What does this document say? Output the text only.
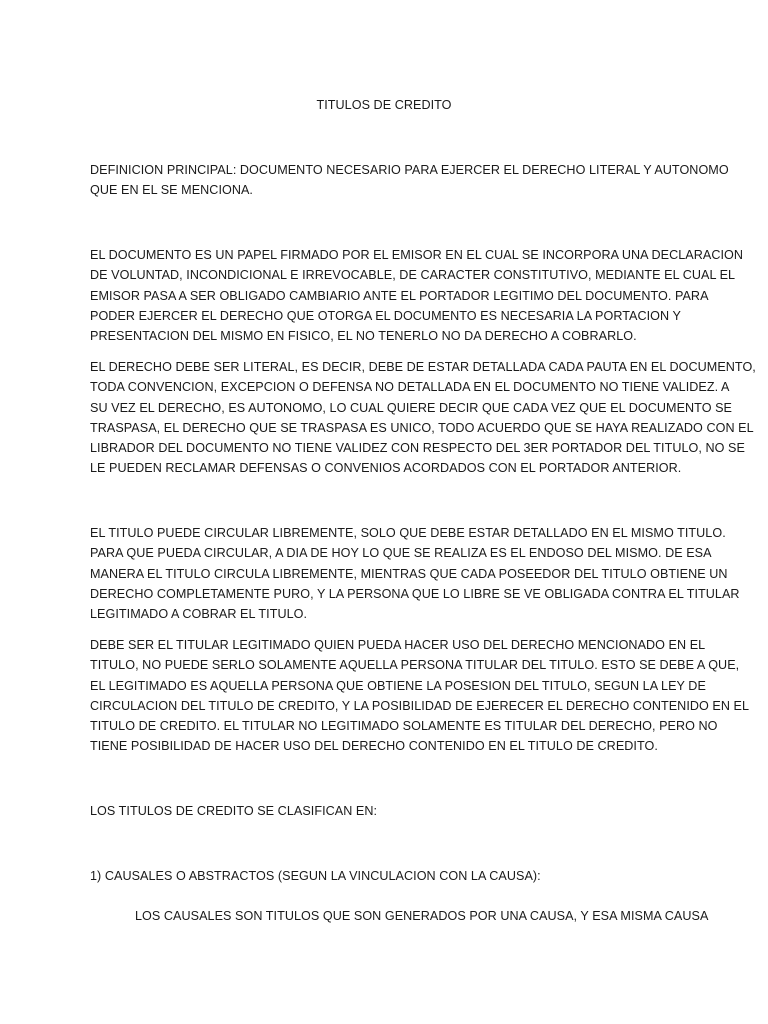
TITULOS DE CREDITO

DEFINICION PRINCIPAL: DOCUMENTO NECESARIO PARA EJERCER EL DERECHO LITERAL Y AUTONOMO

QUE EN EL SE MENCIONA.

EL DOCUMENTO ES UN PAPEL FIRMADO POR EL EMISOR EN EL CUAL SE INCORPORA UNA DECLARACION

DE VOLUNTAD, INCONDICIONAL E IRREVOCABLE, DE CARACTER CONSTITUTIVO, MEDIANTE EL CUAL EL

EMISOR PASA A SER OBLIGADO CAMBIARIO ANTE EL PORTADOR LEGITIMO DEL DOCUMENTO. PARA

PODER EJERCER EL DERECHO QUE OTORGA EL DOCUMENTO ES NECESARIA LA PORTACION Y

PRESENTACION DEL MISMO EN FISICO, EL NO TENERLO NO DA DERECHO A COBRARLO.

EL DERECHO DEBE SER LITERAL, ES DECIR, DEBE DE ESTAR DETALLADA CADA PAUTA EN EL DOCUMENTO,

TODA CONVENCION, EXCEPCION O DEFENSA NO DETALLADA EN EL DOCUMENTO NO TIENE VALIDEZ. A

SU VEZ EL DERECHO, ES AUTONOMO, LO CUAL QUIERE DECIR QUE CADA VEZ QUE EL DOCUMENTO SE

TRASPASA, EL DERECHO QUE SE TRASPASA ES UNICO, TODO ACUERDO QUE SE HAYA REALIZADO CON EL

LIBRADOR DEL DOCUMENTO NO TIENE VALIDEZ CON RESPECTO DEL 3ER PORTADOR DEL TITULO, NO SE

LE PUEDEN RECLAMAR DEFENSAS O CONVENIOS ACORDADOS CON EL PORTADOR ANTERIOR.

EL TITULO PUEDE CIRCULAR LIBREMENTE, SOLO QUE DEBE ESTAR DETALLADO EN EL MISMO TITULO.

PARA QUE PUEDA CIRCULAR, A DIA DE HOY LO QUE SE REALIZA ES EL ENDOSO DEL MISMO. DE ESA

MANERA EL TITULO CIRCULA LIBREMENTE, MIENTRAS QUE CADA POSEEDOR DEL TITULO OBTIENE UN

DERECHO COMPLETAMENTE PURO, Y LA PERSONA QUE LO LIBRE SE VE OBLIGADA CONTRA EL TITULAR

LEGITIMADO A COBRAR EL TITULO.

DEBE SER EL TITULAR LEGITIMADO QUIEN PUEDA HACER USO DEL DERECHO MENCIONADO EN EL

TITULO, NO PUEDE SERLO SOLAMENTE AQUELLA PERSONA TITULAR DEL TITULO. ESTO SE DEBE A QUE,

EL LEGITIMADO ES AQUELLA PERSONA QUE OBTIENE LA POSESION DEL TITULO, SEGUN LA LEY DE

CIRCULACION DEL TITULO DE CREDITO, Y LA POSIBILIDAD DE EJERECER EL DERECHO CONTENIDO EN EL

TITULO DE CREDITO. EL TITULAR NO LEGITIMADO SOLAMENTE ES TITULAR DEL DERECHO, PERO NO

TIENE POSIBILIDAD DE HACER USO DEL DERECHO CONTENIDO EN EL TITULO DE CREDITO.

LOS TITULOS DE CREDITO SE CLASIFICAN EN:

1) CAUSALES O ABSTRACTOS (SEGUN LA VINCULACION CON LA CAUSA):

LOS CAUSALES SON TITULOS QUE SON GENERADOS POR UNA CAUSA, Y ESA MISMA CAUSA
